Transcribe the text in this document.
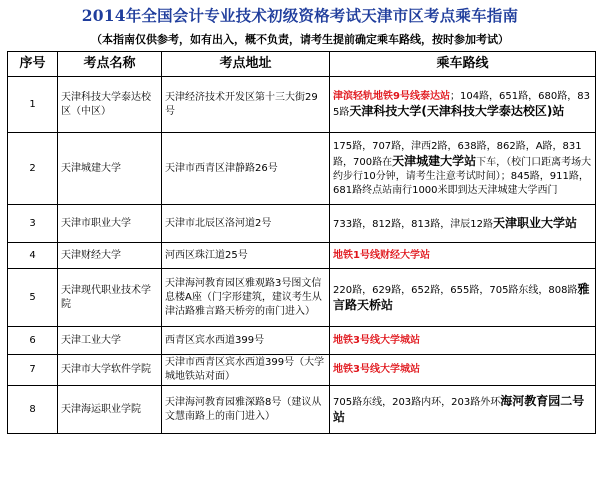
2014年全国会计专业技术初级资格考试天津市区考点乘车指南
（本指南仅供参考，如有出入，概不负责，请考生提前确定乘车路线，按时参加考试）
序号	考点名称	考点地址	乘车路线
1	天津科技大学泰达校区（中区）	天津经济技术开发区第十三大街29号	津滨轻轨地铁9号线泰达站；104路，651路，680路，835路天津科技大学(天津科技大学泰达校区)站
2	天津城建大学	天津市西青区津静路26号	175路，707路，津西2路，638路，862路，A路，831路，700路在天津城建大学站下车，（校门口距离考场大约步行10分钟，请考生注意考试时间）；845路，911路，681路终点站南行1000米即到达天津城建大学西门
3	天津市职业大学	天津市北辰区洛河道2号	733路，812路，813路，津辰12路天津职业大学站
4	天津财经大学	河西区珠江道25号	地铁1号线财经大学站
5	天津现代职业技术学院	天津海河教育园区雅观路3号图文信息楼A座（门字形建筑，建议考生从津沽路雅言路天桥旁的南门进入）	220路，629路，652路，655路，705路东线，808路雅言路天桥站
6	天津工业大学	西青区宾水西道399号	地铁3号线大学城站
7	天津市大学软件学院	天津市西青区宾水西道399号（大学城地铁站对面）	地铁3号线大学城站
8	天津海运职业学院	天津海河教育园雅深路8号（建议从文慧南路上的南门进入）	705路东线，203路内环，203路外环海河教育园二号站
